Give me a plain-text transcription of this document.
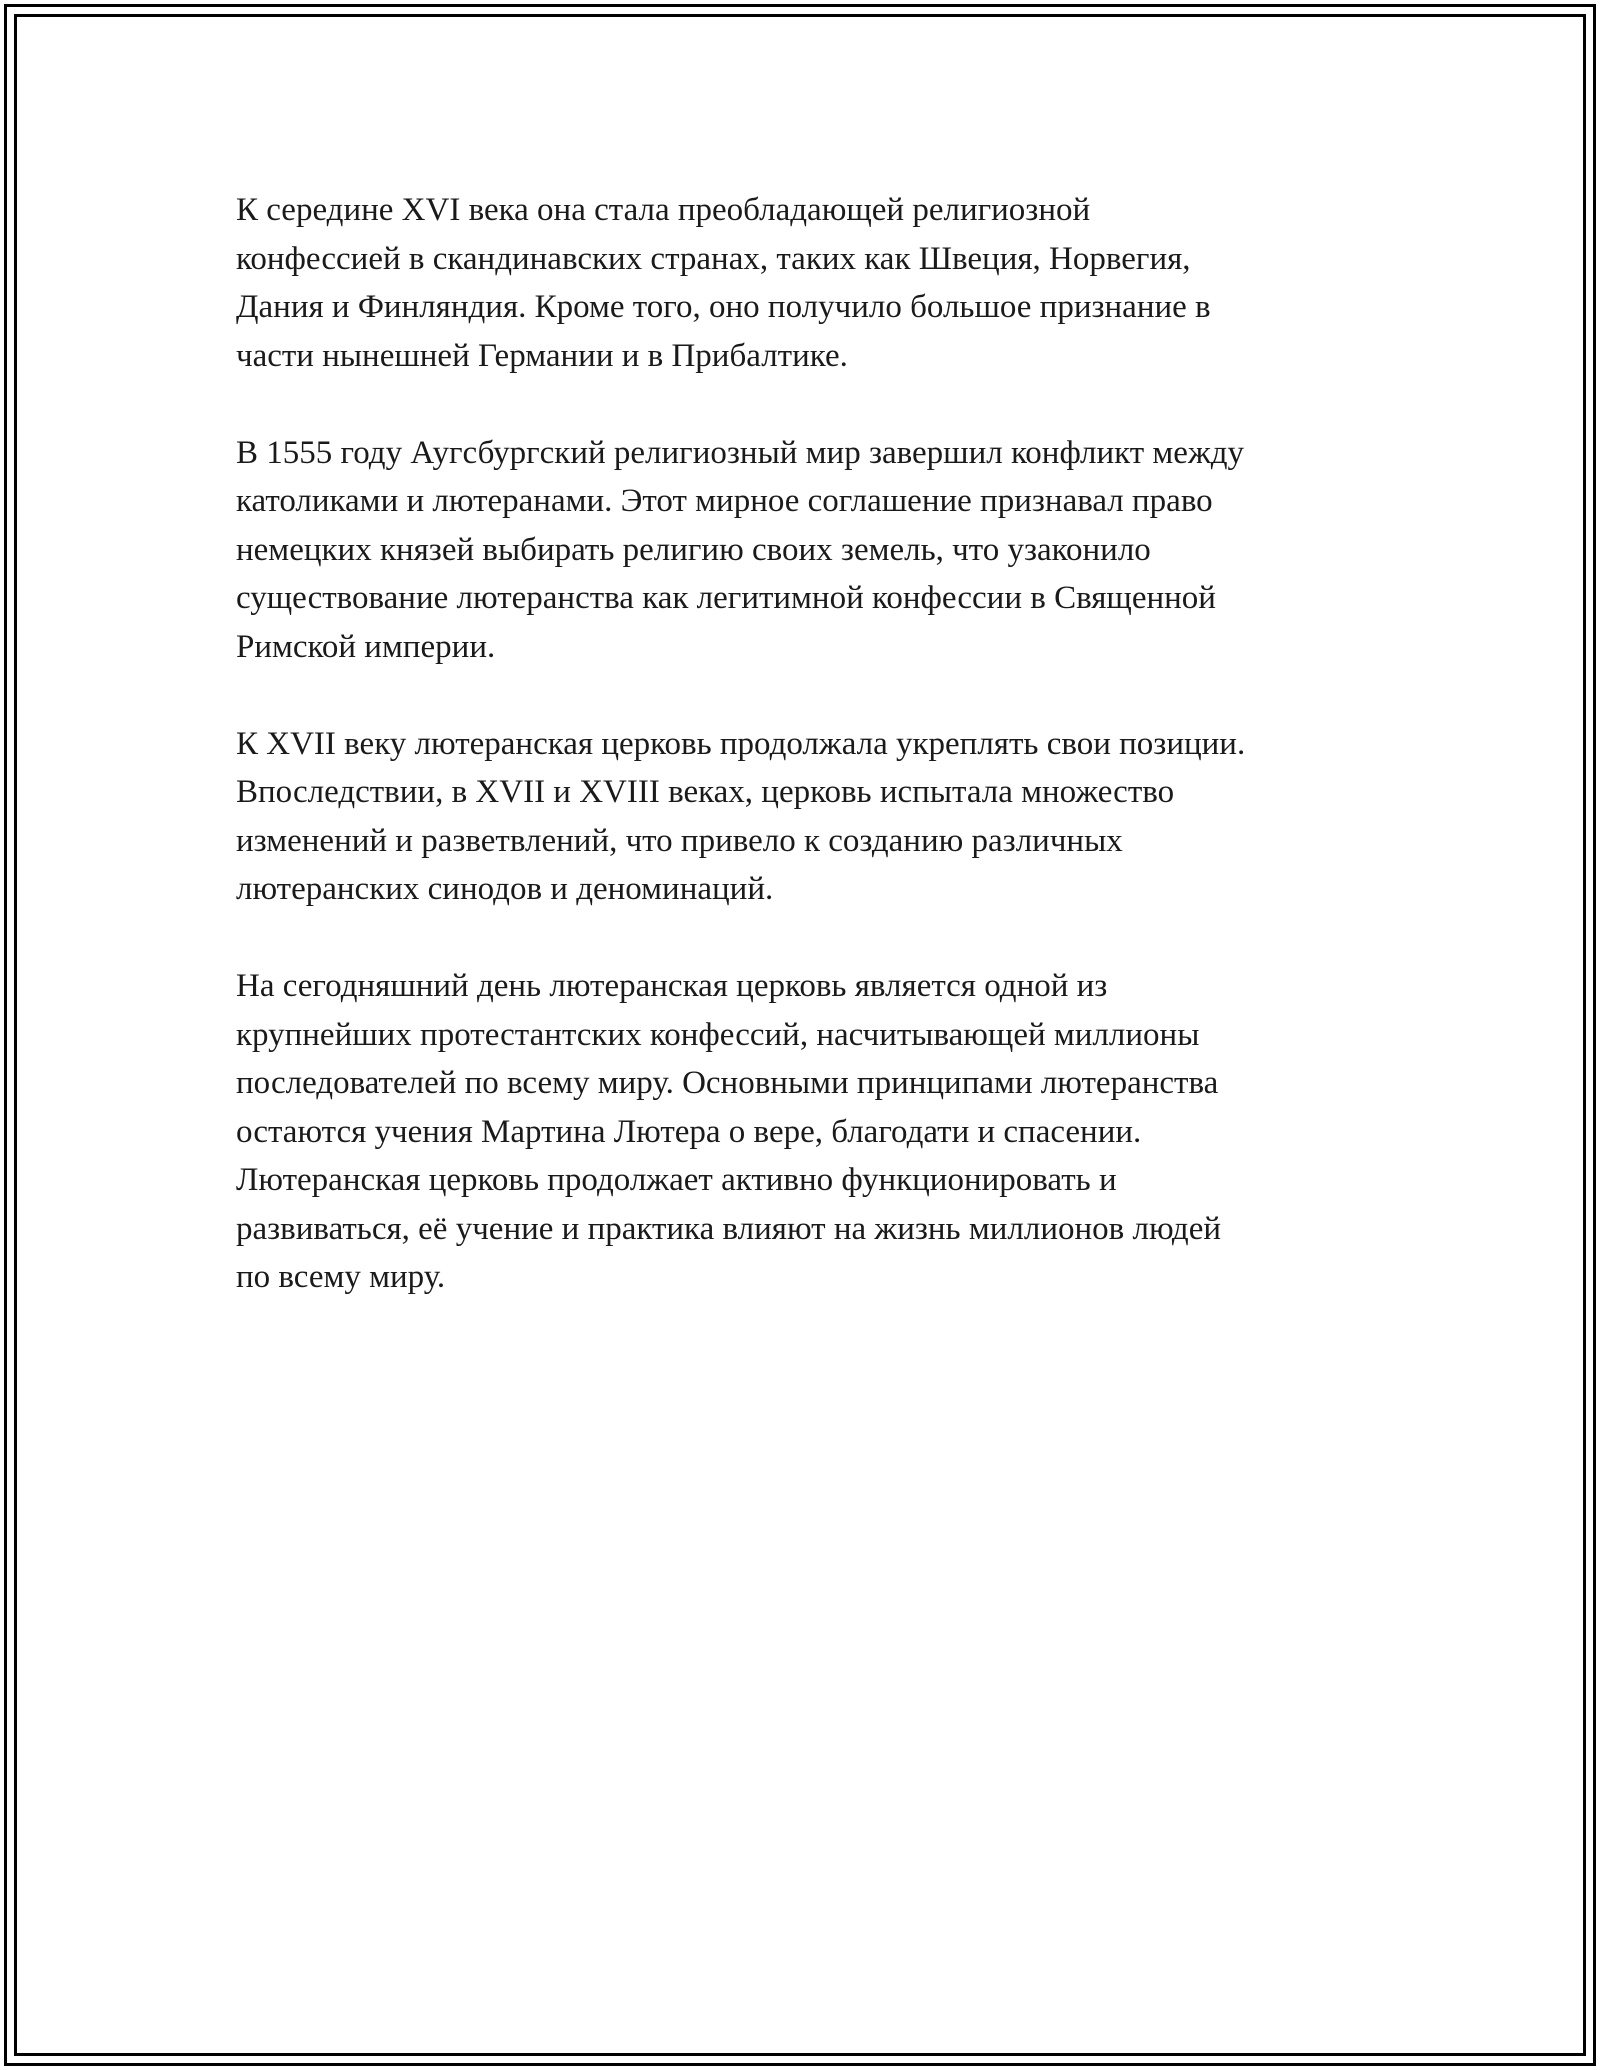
К середине XVI века она стала преобладающей религиозной
конфессией в скандинавских странах, таких как Швеция, Норвегия,
Дания и Финляндия. Кроме того, оно получило большое признание в
части нынешней Германии и в Прибалтике.

В 1555 году Аугсбургский религиозный мир завершил конфликт между
католиками и лютеранами. Этот мирное соглашение признавал право
немецких князей выбирать религию своих земель, что узаконило
существование лютеранства как легитимной конфессии в Священной
Римской империи.

К XVII веку лютеранская церковь продолжала укреплять свои позиции.
Впоследствии, в XVII и XVIII веках, церковь испытала множество
изменений и разветвлений, что привело к созданию различных
лютеранских синодов и деноминаций.

На сегодняшний день лютеранская церковь является одной из
крупнейших протестантских конфессий, насчитывающей миллионы
последователей по всему миру. Основными принципами лютеранства
остаются учения Мартина Лютера о вере, благодати и спасении.
Лютеранская церковь продолжает активно функционировать и
развиваться, её учение и практика влияют на жизнь миллионов людей
по всему миру.
